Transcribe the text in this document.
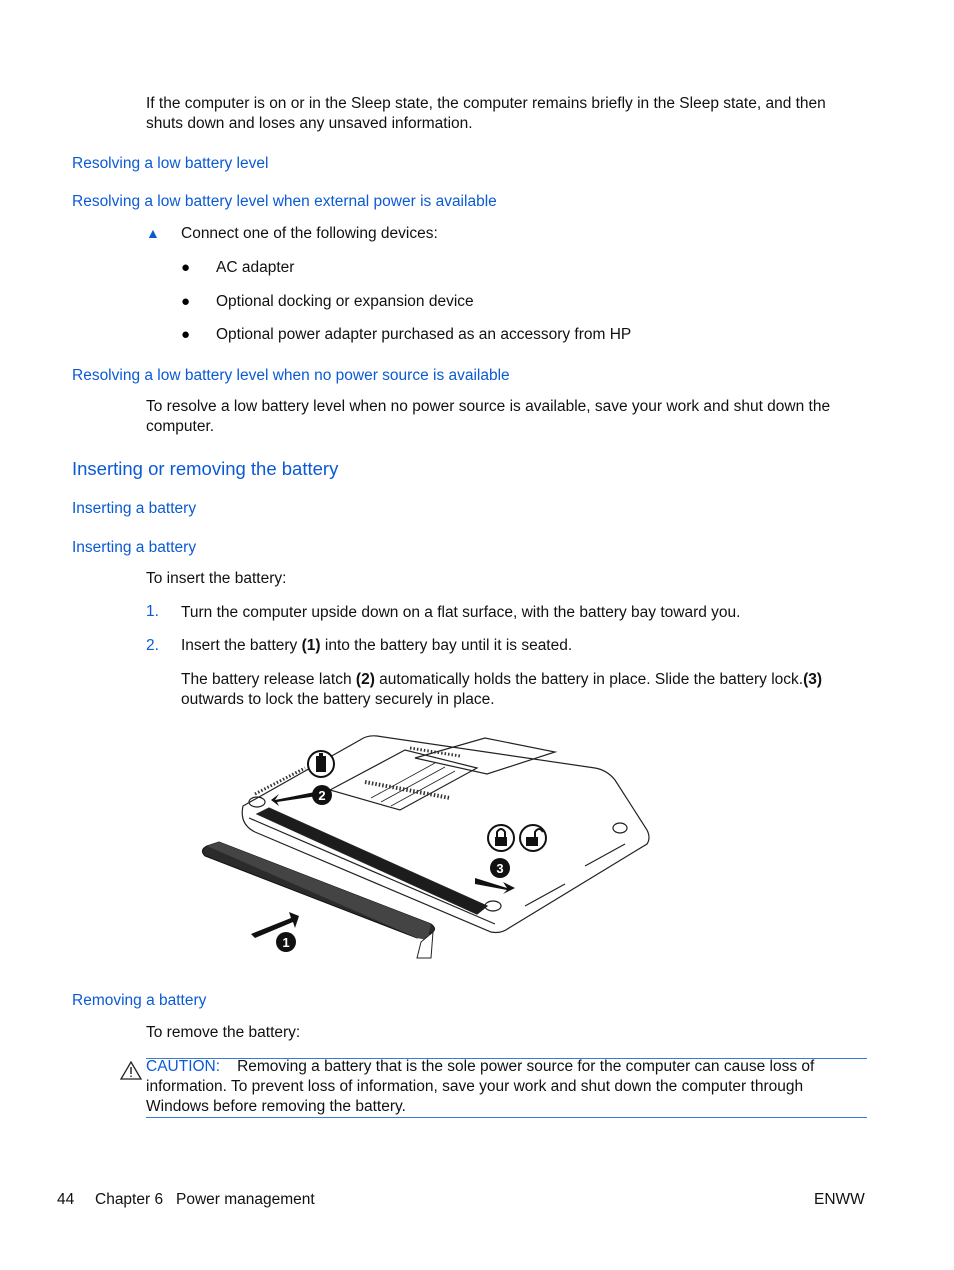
If the computer is on or in the Sleep state, the computer remains briefly in the Sleep state, and then
shuts down and loses any unsaved information.
Resolving a low battery level
Resolving a low battery level when external power is available
▲ Connect one of the following devices:
● AC adapter
● Optional docking or expansion device
● Optional power adapter purchased as an accessory from HP
Resolving a low battery level when no power source is available
To resolve a low battery level when no power source is available, save your work and shut down the
computer.
Inserting or removing the battery
Inserting a battery
Inserting a battery
To insert the battery:
1. Turn the computer upside down on a flat surface, with the battery bay toward you.
2. Insert the battery (1) into the battery bay until it is seated.
The battery release latch (2) automatically holds the battery in place. Slide the battery lock.(3)
outwards to lock the battery securely in place.
1
2
3
Removing a battery
To remove the battery:
CAUTION: Removing a battery that is the sole power source for the computer can cause loss of
information. To prevent loss of information, save your work and shut down the computer through
Windows before removing the battery.
44 Chapter 6   Power management	ENWW
